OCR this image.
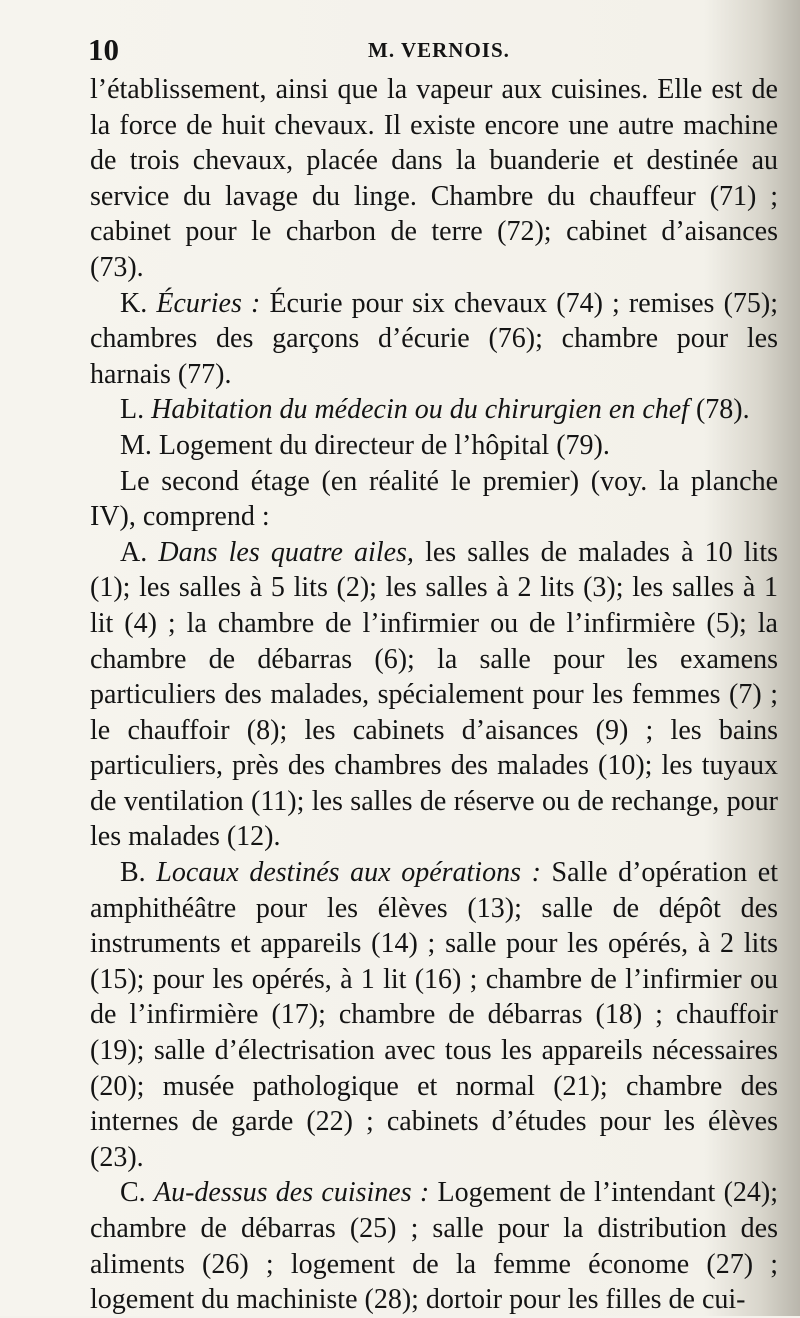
10	M. VERNOIS.

l’établissement, ainsi que la vapeur aux cuisines. Elle est de la force de huit chevaux. Il existe encore une autre machine de trois chevaux, placée dans la buanderie et destinée au service du lavage du linge. Chambre du chauffeur (71) ; cabinet pour le charbon de terre (72); cabinet d’aisances (73).

K. Écuries : Écurie pour six chevaux (74) ; remises (75); chambres des garçons d’écurie (76); chambre pour les harnais (77).

L. Habitation du médecin ou du chirurgien en chef (78).

M. Logement du directeur de l’hôpital (79).

Le second étage (en réalité le premier) (voy. la planche IV), comprend :

A. Dans les quatre ailes, les salles de malades à 10 lits (1); les salles à 5 lits (2); les salles à 2 lits (3); les salles à 1 lit (4) ; la chambre de l’infirmier ou de l’infirmière (5); la chambre de débarras (6); la salle pour les examens particuliers des malades, spécialement pour les femmes (7) ; le chauffoir (8); les cabinets d’aisances (9) ; les bains particuliers, près des chambres des malades (10); les tuyaux de ventilation (11); les salles de réserve ou de rechange, pour les malades (12).

B. Locaux destinés aux opérations : Salle d’opération et amphithéâtre pour les élèves (13); salle de dépôt des instruments et appareils (14) ; salle pour les opérés, à 2 lits (15); pour les opérés, à 1 lit (16) ; chambre de l’infirmier ou de l’infirmière (17); chambre de débarras (18) ; chauffoir (19); salle d’électrisation avec tous les appareils nécessaires (20); musée pathologique et normal (21); chambre des internes de garde (22) ; cabinets d’études pour les élèves (23).

C. Au-dessus des cuisines : Logement de l’intendant (24); chambre de débarras (25) ; salle pour la distribution des aliments (26) ; logement de la femme économe (27) ; logement du machiniste (28); dortoir pour les filles de cui-
